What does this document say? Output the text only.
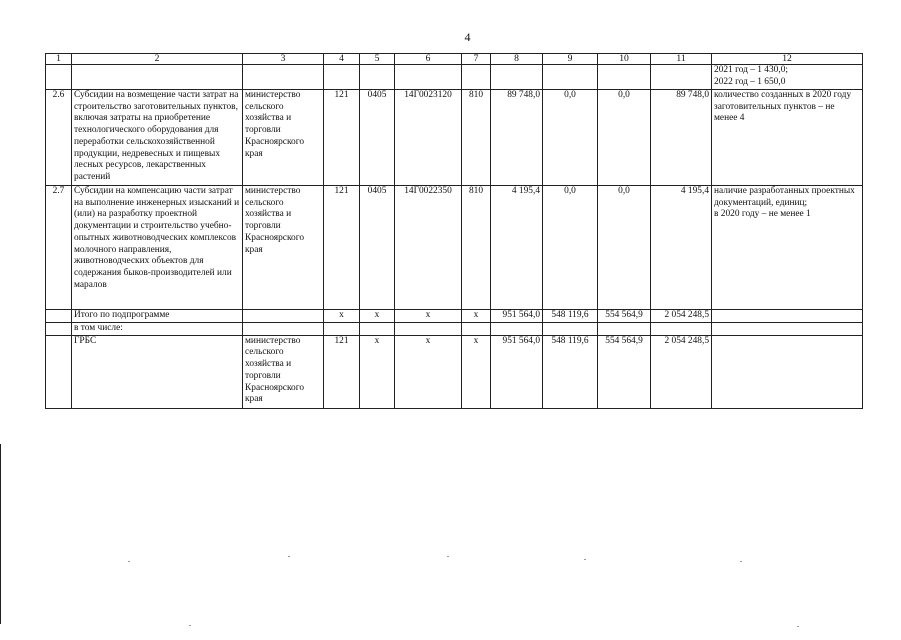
4
1	2	3	4	5	6	7	8	9	10	11	12
											2021 год – 1 430,0;
2022 год – 1 650,0
2.6	Субсидии на возмещение части затрат на строительство заготовительных пунктов, включая затраты на приобретение технологического оборудования для переработки сельскохозяйственной продукции, недревесных и пищевых лесных ресурсов, лекарственных растений	министерство сельского хозяйства и торговли Красноярского края	121	0405	14Г0023120	810	89 748,0	0,0	0,0	89 748,0	количество созданных в 2020 году заготовительных пунктов – не менее 4
2.7	Субсидии на компенсацию части затрат на выполнение инженерных изысканий и (или) на разработку проектной документации и строительство учебно-опытных животноводческих комплексов молочного направления, животноводческих объектов для содержания быков-производителей или маралов	министерство сельского хозяйства и торговли Красноярского края	121	0405	14Г0022350	810	4 195,4	0,0	0,0	4 195,4	наличие разработанных проектных документаций, единиц;
в 2020 году – не менее 1
	Итого по подпрограмме		х	х	х	х	951 564,0	548 119,6	554 564,9	2 054 248,5	
	в том числе:										
	ГРБС	министерство сельского хозяйства и торговли Красноярского края	121	х	х	х	951 564,0	548 119,6	554 564,9	2 054 248,5	
